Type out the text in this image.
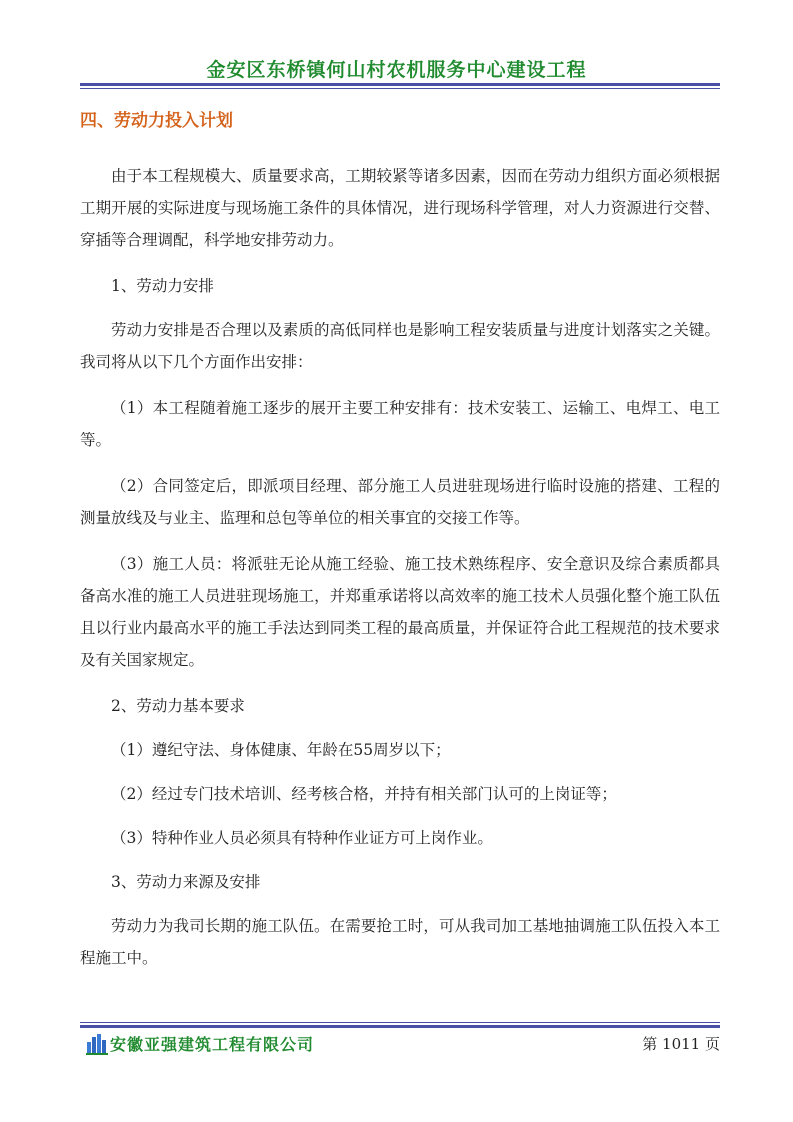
金安区东桥镇何山村农机服务中心建设工程
四、劳动力投入计划

由于本工程规模大、质量要求高，工期较紧等诸多因素，因而在劳动力组织方面必须根据工期开展的实际进度与现场施工条件的具体情况，进行现场科学管理，对人力资源进行交替、穿插等合理调配，科学地安排劳动力。

1、劳动力安排

劳动力安排是否合理以及素质的高低同样也是影响工程安装质量与进度计划落实之关键。我司将从以下几个方面作出安排：

（1）本工程随着施工逐步的展开主要工种安排有：技术安装工、运输工、电焊工、电工等。

（2）合同签定后，即派项目经理、部分施工人员进驻现场进行临时设施的搭建、工程的测量放线及与业主、监理和总包等单位的相关事宜的交接工作等。

（3）施工人员：将派驻无论从施工经验、施工技术熟练程序、安全意识及综合素质都具备高水准的施工人员进驻现场施工，并郑重承诺将以高效率的施工技术人员强化整个施工队伍且以行业内最高水平的施工手法达到同类工程的最高质量，并保证符合此工程规范的技术要求及有关国家规定。

2、劳动力基本要求

（1）遵纪守法、身体健康、年龄在55周岁以下；

（2）经过专门技术培训、经考核合格，并持有相关部门认可的上岗证等；

（3）特种作业人员必须具有特种作业证方可上岗作业。

3、劳动力来源及安排

劳动力为我司长期的施工队伍。在需要抢工时，可从我司加工基地抽调施工队伍投入本工程施工中。

安徽亚强建筑工程有限公司	第 1011 页
